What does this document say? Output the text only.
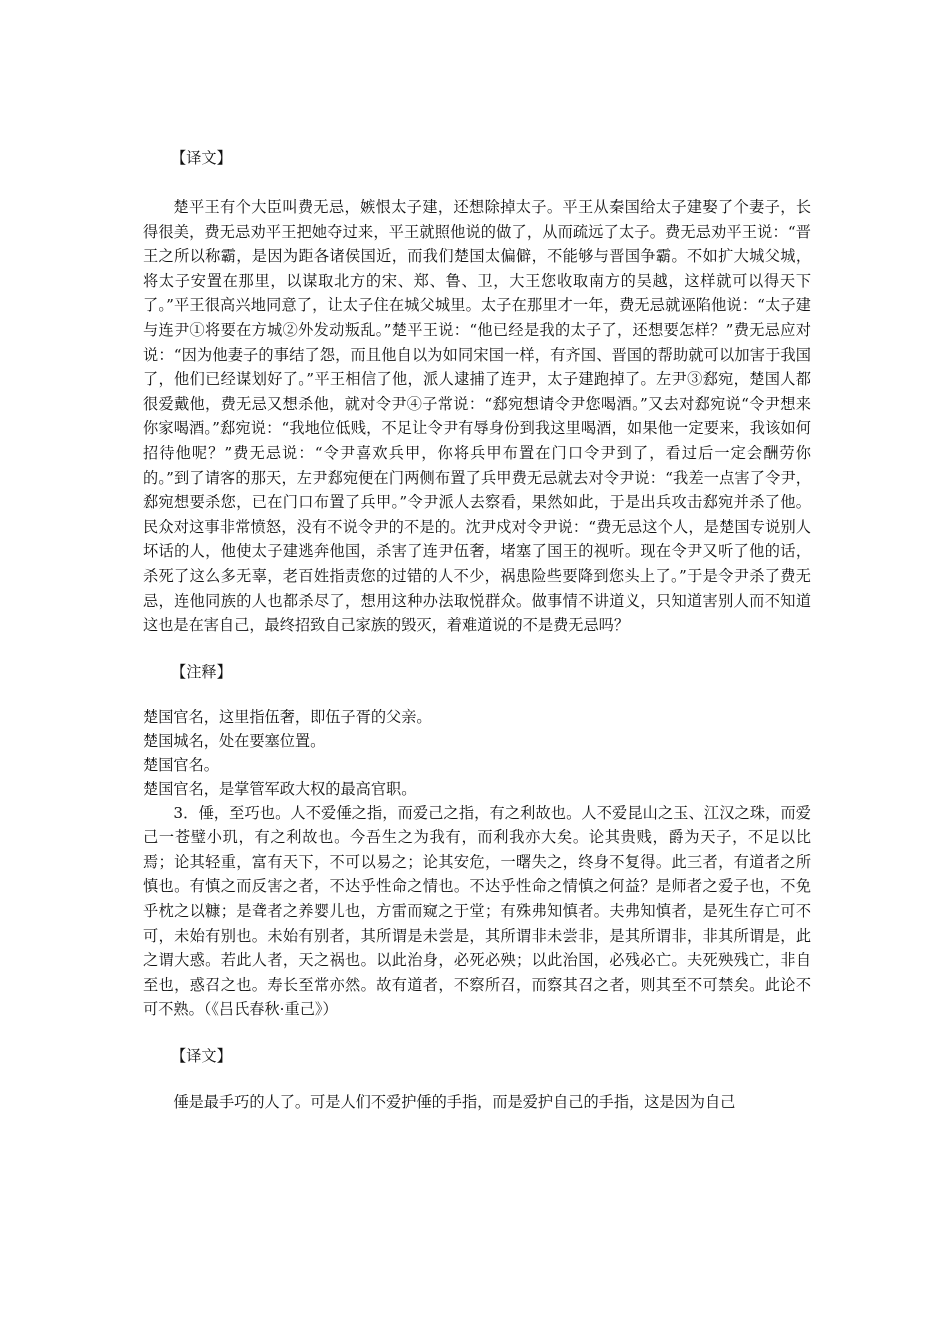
【译文】

楚平王有个大臣叫费无忌，嫉恨太子建，还想除掉太子。平王从秦国给太子建娶了个妻子，长得很美，费无忌劝平王把她夺过来，平王就照他说的做了，从而疏远了太子。费无忌劝平王说：“晋王之所以称霸，是因为距各诸侯国近，而我们楚国太偏僻，不能够与晋国争霸。不如扩大城父城，将太子安置在那里，以谋取北方的宋、郑、鲁、卫，大王您收取南方的吴越，这样就可以得天下了。”平王很高兴地同意了，让太子住在城父城里。太子在那里才一年，费无忌就诬陷他说：“太子建与连尹①将要在方城②外发动叛乱。”楚平王说：“他已经是我的太子了，还想要怎样？”费无忌应对说：“因为他妻子的事结了怨，而且他自以为如同宋国一样，有齐国、晋国的帮助就可以加害于我国了，他们已经谋划好了。”平王相信了他，派人逮捕了连尹，太子建跑掉了。左尹③郄宛，楚国人都很爱戴他，费无忌又想杀他，就对令尹④子常说：“郄宛想请令尹您喝酒。”又去对郄宛说“令尹想来你家喝酒。”郄宛说：“我地位低贱，不足让令尹有辱身份到我这里喝酒，如果他一定要来，我该如何招待他呢？”费无忌说：“令尹喜欢兵甲，你将兵甲布置在门口令尹到了，看过后一定会酬劳你的。”到了请客的那天，左尹郄宛便在门两侧布置了兵甲费无忌就去对令尹说：“我差一点害了令尹，郄宛想要杀您，已在门口布置了兵甲。”令尹派人去察看，果然如此，于是出兵攻击郄宛并杀了他。民众对这事非常愤怒，没有不说令尹的不是的。沈尹戍对令尹说：“费无忌这个人，是楚国专说别人坏话的人，他使太子建逃奔他国，杀害了连尹伍奢，堵塞了国王的视听。现在令尹又听了他的话，杀死了这么多无辜，老百姓指责您的过错的人不少，祸患险些要降到您头上了。”于是令尹杀了费无忌，连他同族的人也都杀尽了，想用这种办法取悦群众。做事情不讲道义，只知道害别人而不知道这也是在害自己，最终招致自己家族的毁灭，着难道说的不是费无忌吗？

【注释】

楚国官名，这里指伍奢，即伍子胥的父亲。

楚国城名，处在要塞位置。

楚国官名。

楚国官名，是掌管军政大权的最高官职。

3．倕，至巧也。人不爱倕之指，而爱己之指，有之利故也。人不爱昆山之玉、江汉之珠，而爱己一苍璧小玑，有之利故也。今吾生之为我有，而利我亦大矣。论其贵贱，爵为天子，不足以比焉；论其轻重，富有天下，不可以易之；论其安危，一曙失之，终身不复得。此三者，有道者之所慎也。有慎之而反害之者，不达乎性命之情也。不达乎性命之情慎之何益？是师者之爱子也，不免乎枕之以糠；是聋者之养婴儿也，方雷而窥之于堂；有殊弗知慎者。夫弗知慎者，是死生存亡可不可，未始有别也。未始有别者，其所谓是未尝是，其所谓非未尝非，是其所谓非，非其所谓是，此之谓大惑。若此人者，天之祸也。以此治身，必死必殃；以此治国，必残必亡。夫死殃残亡，非自至也，惑召之也。寿长至常亦然。故有道者，不察所召，而察其召之者，则其至不可禁矣。此论不可不熟。（《吕氏春秋·重己》）

【译文】

倕是最手巧的人了。可是人们不爱护倕的手指，而是爱护自己的手指，这是因为自己
